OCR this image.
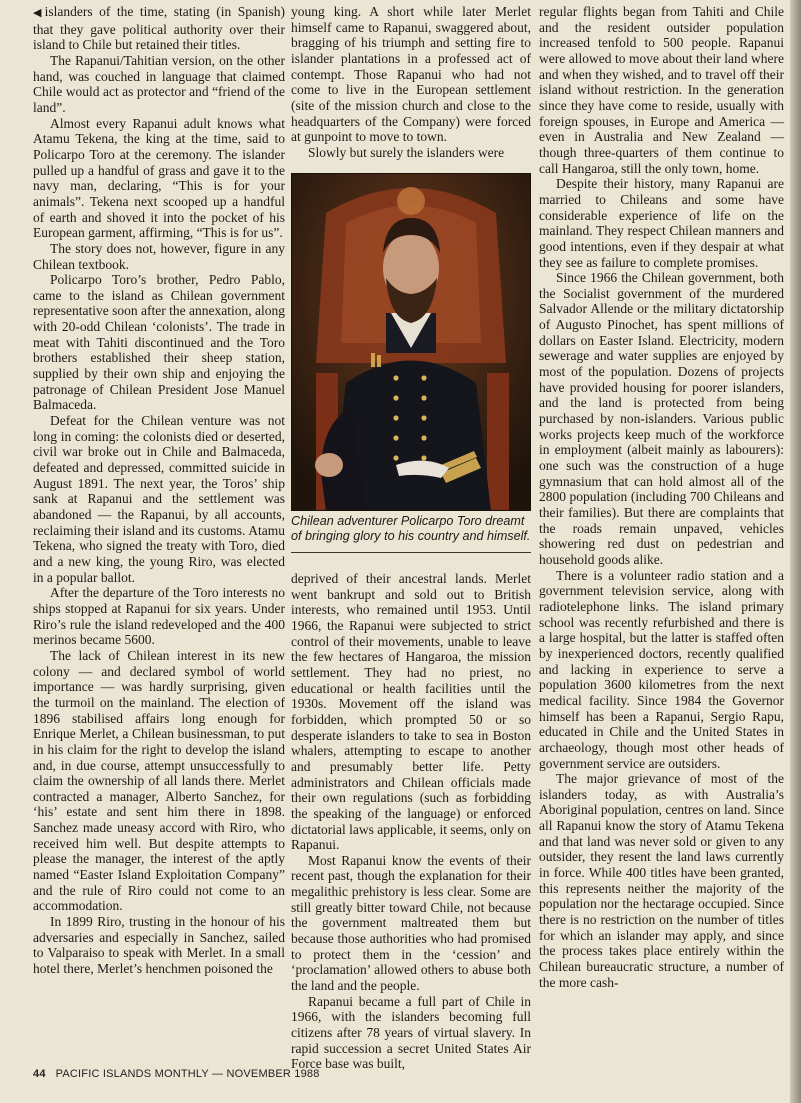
◀islanders of the time, stating (in Spanish) that they gave political authority over their island to Chile but retained their titles.

The Rapanui/Tahitian version, on the other hand, was couched in language that claimed Chile would act as protector and “friend of the land”.

Almost every Rapanui adult knows what Atamu Tekena, the king at the time, said to Policarpo Toro at the ceremony. The islander pulled up a handful of grass and gave it to the navy man, declaring, “This is for your animals”. Tekena next scooped up a handful of earth and shoved it into the pocket of his European garment, affirming, “This is for us”.

The story does not, however, figure in any Chilean textbook.

Policarpo Toro’s brother, Pedro Pablo, came to the island as Chilean government representative soon after the annexation, along with 20-odd Chilean ‘colonists’. The trade in meat with Tahiti discontinued and the Toro brothers established their sheep station, supplied by their own ship and enjoying the patronage of Chilean President Jose Manuel Balmaceda.

Defeat for the Chilean venture was not long in coming: the colonists died or deserted, civil war broke out in Chile and Balmaceda, defeated and depressed, committed suicide in August 1891. The next year, the Toros’ ship sank at Rapanui and the settlement was abandoned — the Rapanui, by all accounts, reclaiming their island and its customs. Atamu Tekena, who signed the treaty with Toro, died and a new king, the young Riro, was elected in a popular ballot.

After the departure of the Toro interests no ships stopped at Rapanui for six years. Under Riro’s rule the island redeveloped and the 400 merinos became 5600.

The lack of Chilean interest in its new colony — and declared symbol of world importance — was hardly surprising, given the turmoil on the mainland. The election of 1896 stabilised affairs long enough for Enrique Merlet, a Chilean businessman, to put in his claim for the right to develop the island and, in due course, attempt unsuccessfully to claim the ownership of all lands there. Merlet contracted a manager, Alberto Sanchez, for ‘his’ estate and sent him there in 1898. Sanchez made uneasy accord with Riro, who received him well. But despite attempts to please the manager, the interest of the aptly named “Easter Island Exploitation Company” and the rule of Riro could not come to an accommodation.

In 1899 Riro, trusting in the honour of his adversaries and especially in Sanchez, sailed to Valparaiso to speak with Merlet. In a small hotel there, Merlet’s henchmen poisoned the

young king. A short while later Merlet himself came to Rapanui, swaggered about, bragging of his triumph and setting fire to islander plantations in a professed act of contempt. Those Rapanui who had not come to live in the European settlement (site of the mission church and close to the headquarters of the Company) were forced at gunpoint to move to town.

Slowly but surely the islanders were

Chilean adventurer Policarpo Toro dreamt of bringing glory to his country and himself.

deprived of their ancestral lands. Merlet went bankrupt and sold out to British interests, who remained until 1953. Until 1966, the Rapanui were subjected to strict control of their movements, unable to leave the few hectares of Hangaroa, the mission settlement. They had no priest, no educational or health facilities until the 1930s. Movement off the island was forbidden, which prompted 50 or so desperate islanders to take to sea in Boston whalers, attempting to escape to another and presumably better life. Petty administrators and Chilean officials made their own regulations (such as forbidding the speaking of the language) or enforced dictatorial laws applicable, it seems, only on Rapanui.

Most Rapanui know the events of their recent past, though the explanation for their megalithic prehistory is less clear. Some are still greatly bitter toward Chile, not because the government maltreated them but because those authorities who had promised to protect them in the ‘cession’ and ‘proclamation’ allowed others to abuse both the land and the people.

Rapanui became a full part of Chile in 1966, with the islanders becoming full citizens after 78 years of virtual slavery. In rapid succession a secret United States Air Force base was built,

regular flights began from Tahiti and Chile and the resident outsider population increased tenfold to 500 people. Rapanui were allowed to move about their land where and when they wished, and to travel off their island without restriction. In the generation since they have come to reside, usually with foreign spouses, in Europe and America — even in Australia and New Zealand — though three-quarters of them continue to call Hangaroa, still the only town, home.

Despite their history, many Rapanui are married to Chileans and some have considerable experience of life on the mainland. They respect Chilean manners and good intentions, even if they despair at what they see as failure to complete promises.

Since 1966 the Chilean government, both the Socialist government of the murdered Salvador Allende or the military dictatorship of Augusto Pinochet, has spent millions of dollars on Easter Island. Electricity, modern sewerage and water supplies are enjoyed by most of the population. Dozens of projects have provided housing for poorer islanders, and the land is protected from being purchased by non-islanders. Various public works projects keep much of the workforce in employment (albeit mainly as labourers): one such was the construction of a huge gymnasium that can hold almost all of the 2800 population (including 700 Chileans and their families). But there are complaints that the roads remain unpaved, vehicles showering red dust on pedestrian and household goods alike.

There is a volunteer radio station and a government television service, along with radiotelephone links. The island primary school was recently refurbished and there is a large hospital, but the latter is staffed often by inexperienced doctors, recently qualified and lacking in experience to serve a population 3600 kilometres from the next medical facility. Since 1984 the Governor himself has been a Rapanui, Sergio Rapu, educated in Chile and the United States in archaeology, though most other heads of government service are outsiders.

The major grievance of most of the islanders today, as with Australia’s Aboriginal population, centres on land. Since all Rapanui know the story of Atamu Tekena and that land was never sold or given to any outsider, they resent the land laws currently in force. While 400 titles have been granted, this represents neither the majority of the population nor the hectarage occupied. Since there is no restriction on the number of titles for which an islander may apply, and since the process takes place entirely within the Chilean bureaucratic structure, a number of the more cash-

44 PACIFIC ISLANDS MONTHLY — NOVEMBER 1988
